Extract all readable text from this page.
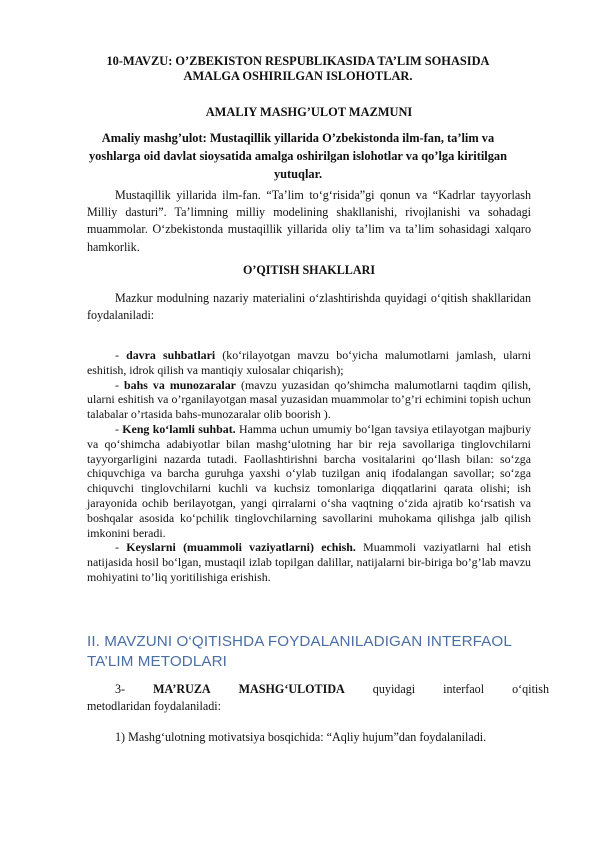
10-MAVZU: O’ZBEKISTON RESPUBLIKASIDA TA’LIM SOHASIDA
AMALGA OSHIRILGAN ISLOHOTLAR.
AMALIY MASHG’ULOT MAZMUNI
Amaliy mashg’ulot: Mustaqillik yillarida O’zbekistonda ilm-fan, ta’lim va
yoshlarga oid davlat sioysatida amalga oshirilgan islohotlar va qo’lga kiritilgan
yutuqlar.
Mustaqillik yillarida ilm-fan. “Ta’lim to‘g‘risida”gi qonun va “Kadrlar tayyorlash Milliy dasturi”. Ta’limning milliy modelining shakllanishi, rivojlanishi va sohadagi muammolar. O‘zbekistonda mustaqillik yillarida oliy ta’lim va ta’lim sohasidagi xalqaro hamkorlik.
O’QITISH SHAKLLARI
Mazkur modulning nazariy materialini o‘zlashtirishda quyidagi o‘qitish shakllaridan foydalaniladi:

- davra suhbatlari (ko‘rilayotgan mavzu bo‘yicha malumotlarni jamlash, ularni eshitish, idrok qilish va mantiqiy xulosalar chiqarish);

- bahs va munozaralar (mavzu yuzasidan qo’shimcha malumotlarni taqdim qilish, ularni eshitish va o’rganilayotgan masal yuzasidan muammolar to’g’ri echimini topish uchun talabalar o’rtasida bahs-munozaralar olib boorish ).

- Keng ko‘lamli suhbat. Hamma uchun umumiy bo‘lgan tavsiya etilayotgan majburiy va qo‘shimcha adabiyotlar bilan mashg‘ulotning har bir reja savollariga tinglovchilarni tayyorgarligini nazarda tutadi. Faollashtirishni barcha vositalarini qo‘llash bilan: so‘zga chiquvchiga va barcha guruhga yaxshi o‘ylab tuzilgan aniq ifodalangan savollar; so‘zga chiquvchi tinglovchilarni kuchli va kuchsiz tomonlariga diqqatlarini qarata olishi; ish jarayonida ochib berilayotgan, yangi qirralarni o‘sha vaqtning o‘zida ajratib ko‘rsatish va boshqalar asosida ko‘pchilik tinglovchilarning savollarini muhokama qilishga jalb qilish imkonini beradi.

- Keyslarni (muammoli vaziyatlarni) echish. Muammoli vaziyatlarni hal etish natijasida hosil bo‘lgan, mustaqil izlab topilgan dalillar, natijalarni bir-biriga bo’g’lab mavzu mohiyatini to’liq yoritilishiga erishish.

II. MAVZUNI O‘QITISHDA FOYDALANILADIGAN INTERFAOL
TA’LIM METODLARI
3-	MA’RUZA	MASHG‘ULOTIDA	quyidagi	interfaol	o‘qitish
metodlaridan foydalaniladi:
1) Mashg‘ulotning motivatsiya bosqichida: “Aqliy hujum”dan foydalaniladi.
